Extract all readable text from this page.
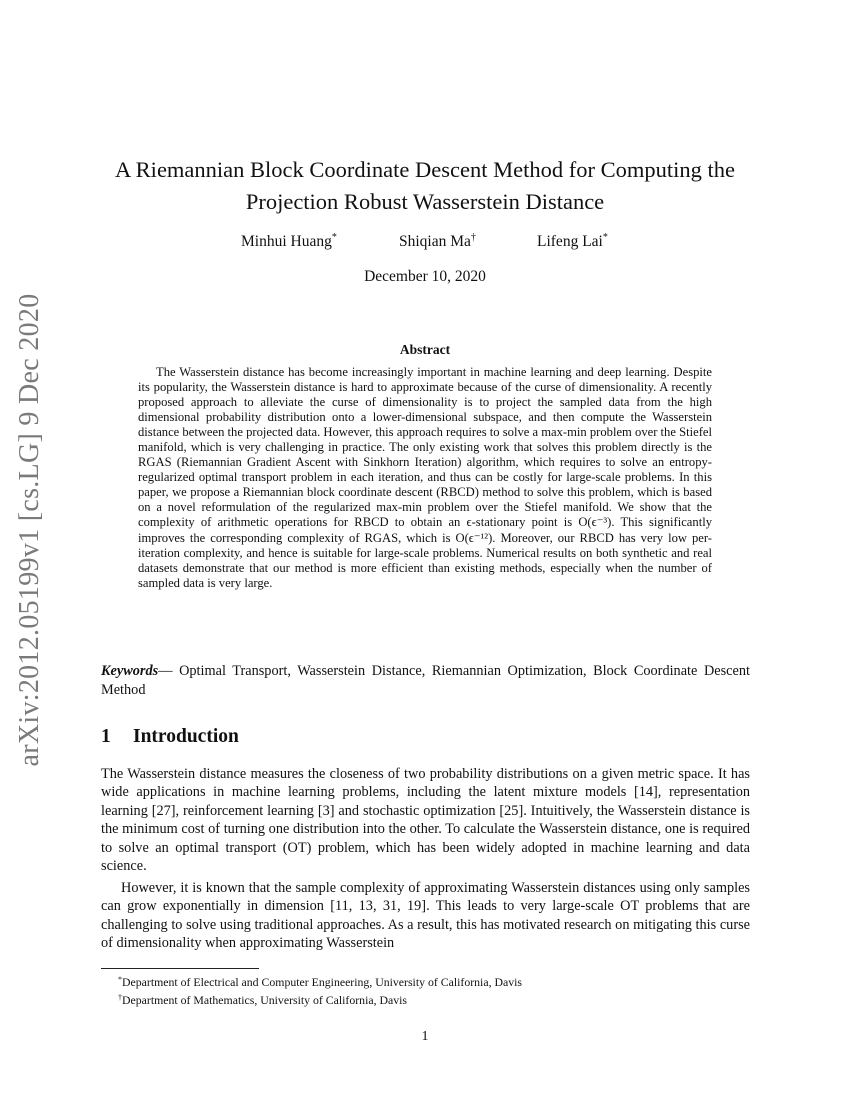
arXiv:2012.05199v1 [cs.LG] 9 Dec 2020
A Riemannian Block Coordinate Descent Method for Computing the Projection Robust Wasserstein Distance
Minhui Huang*	Shiqian Ma†	Lifeng Lai*
December 10, 2020
Abstract

The Wasserstein distance has become increasingly important in machine learning and deep learning. Despite its popularity, the Wasserstein distance is hard to approximate because of the curse of dimensionality. A recently proposed approach to alleviate the curse of dimensionality is to project the sampled data from the high dimensional probability distribution onto a lower-dimensional subspace, and then compute the Wasserstein distance between the projected data. However, this approach requires to solve a max-min problem over the Stiefel manifold, which is very challenging in practice. The only existing work that solves this problem directly is the RGAS (Riemannian Gradient Ascent with Sinkhorn Iteration) algorithm, which requires to solve an entropy-regularized optimal transport problem in each iteration, and thus can be costly for large-scale problems. In this paper, we propose a Riemannian block coordinate descent (RBCD) method to solve this problem, which is based on a novel reformulation of the regularized max-min problem over the Stiefel manifold. We show that the complexity of arithmetic operations for RBCD to obtain an ϵ-stationary point is O(ϵ⁻³). This significantly improves the corresponding complexity of RGAS, which is O(ϵ⁻¹²). Moreover, our RBCD has very low per-iteration complexity, and hence is suitable for large-scale problems. Numerical results on both synthetic and real datasets demonstrate that our method is more efficient than existing methods, especially when the number of sampled data is very large.

Keywords— Optimal Transport, Wasserstein Distance, Riemannian Optimization, Block Coordinate Descent Method

1 Introduction

The Wasserstein distance measures the closeness of two probability distributions on a given metric space. It has wide applications in machine learning problems, including the latent mixture models [14], representation learning [27], reinforcement learning [3] and stochastic optimization [25]. Intuitively, the Wasserstein distance is the minimum cost of turning one distribution into the other. To calculate the Wasserstein distance, one is required to solve an optimal transport (OT) problem, which has been widely adopted in machine learning and data science.

However, it is known that the sample complexity of approximating Wasserstein distances using only samples can grow exponentially in dimension [11, 13, 31, 19]. This leads to very large-scale OT problems that are challenging to solve using traditional approaches. As a result, this has motivated research on mitigating this curse of dimensionality when approximating Wasserstein

*Department of Electrical and Computer Engineering, University of California, Davis
†Department of Mathematics, University of California, Davis
1
